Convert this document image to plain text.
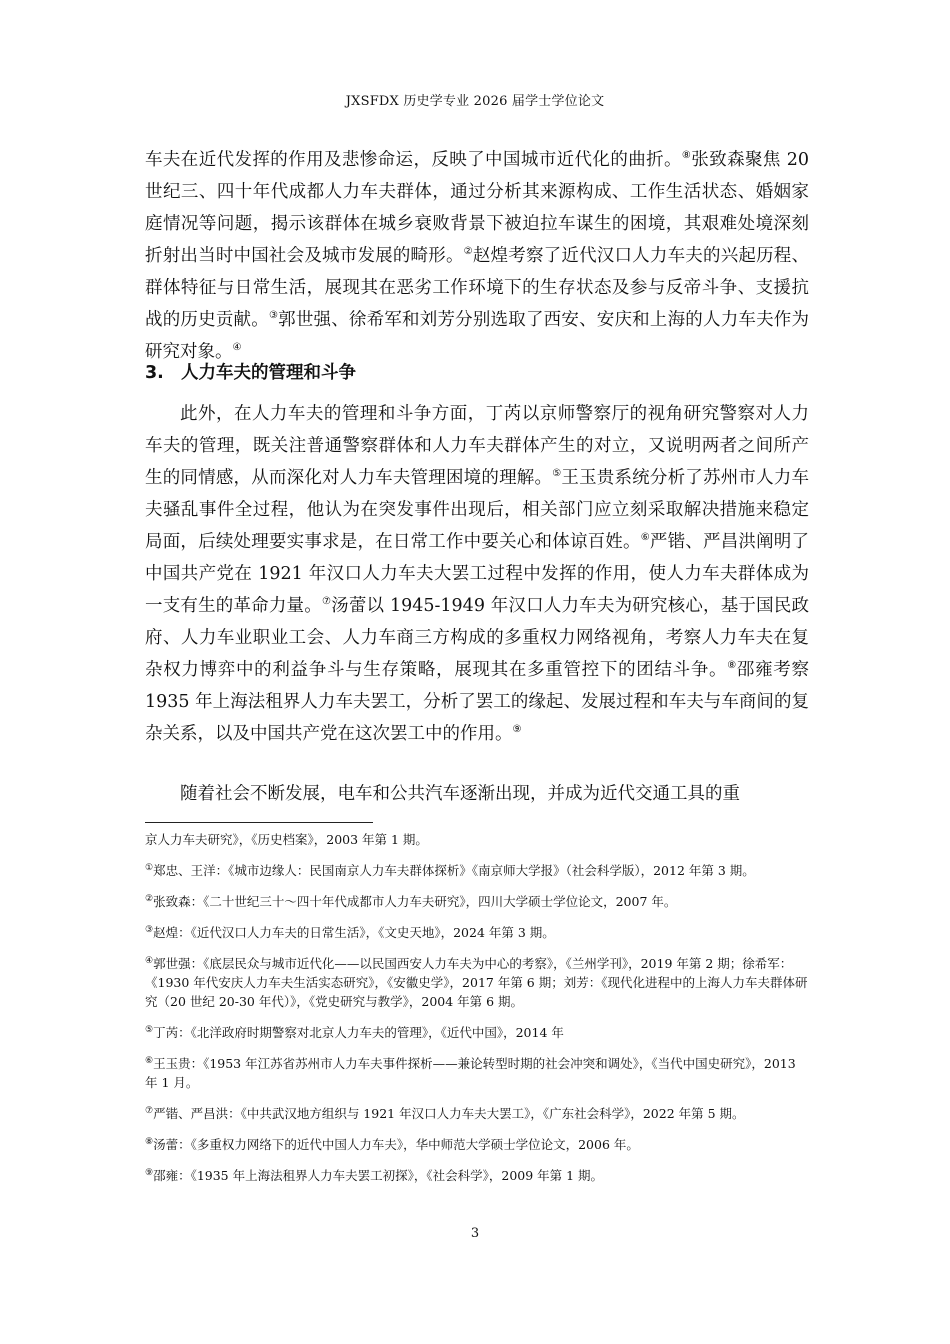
JXSFDX 历史学专业 2026 届学士学位论文

车夫在近代发挥的作用及悲惨命运，反映了中国城市近代化的曲折。⑧张致森聚焦 20 世纪三、四十年代成都人力车夫群体，通过分析其来源构成、工作生活状态、婚姻家庭情况等问题，揭示该群体在城乡衰败背景下被迫拉车谋生的困境，其艰难处境深刻折射出当时中国社会及城市发展的畸形。②赵煌考察了近代汉口人力车夫的兴起历程、群体特征与日常生活，展现其在恶劣工作环境下的生存状态及参与反帝斗争、支援抗战的历史贡献。③郭世强、徐希军和刘芳分别选取了西安、安庆和上海的人力车夫作为研究对象。④

3. 人力车夫的管理和斗争

此外，在人力车夫的管理和斗争方面，丁芮以京师警察厅的视角研究警察对人力车夫的管理，既关注普通警察群体和人力车夫群体产生的对立，又说明两者之间所产生的同情感，从而深化对人力车夫管理困境的理解。⑤王玉贵系统分析了苏州市人力车夫骚乱事件全过程，他认为在突发事件出现后，相关部门应立刻采取解决措施来稳定局面，后续处理要实事求是，在日常工作中要关心和体谅百姓。⑥严锴、严昌洪阐明了中国共产党在 1921 年汉口人力车夫大罢工过程中发挥的作用，使人力车夫群体成为一支有生的革命力量。⑦汤蕾以 1945-1949 年汉口人力车夫为研究核心，基于国民政府、人力车业职业工会、人力车商三方构成的多重权力网络视角，考察人力车夫在复杂权力博弈中的利益争斗与生存策略，展现其在多重管控下的团结斗争。⑧邵雍考察 1935 年上海法租界人力车夫罢工，分析了罢工的缘起、发展过程和车夫与车商间的复杂关系，以及中国共产党在这次罢工中的作用。⑨

随着社会不断发展，电车和公共汽车逐渐出现，并成为近代交通工具的重

京人力车夫研究》，《历史档案》，2003 年第 1 期。

①郑忠、王洋：《城市边缘人：民国南京人力车夫群体探析》《南京师大学报》（社会科学版），2012 年第 3 期。

②张致森：《二十世纪三十～四十年代成都市人力车夫研究》，四川大学硕士学位论文，2007 年。

③赵煌：《近代汉口人力车夫的日常生活》，《文史天地》，2024 年第 3 期。

④郭世强：《底层民众与城市近代化——以民国西安人力车夫为中心的考察》，《兰州学刊》，2019 年第 2 期；徐希军：《1930 年代安庆人力车夫生活实态研究》，《安徽史学》，2017 年第 6 期；刘芳：《现代化进程中的上海人力车夫群体研究（20 世纪 20-30 年代）》，《党史研究与教学》，2004 年第 6 期。

⑤丁芮：《北洋政府时期警察对北京人力车夫的管理》，《近代中国》，2014 年

⑥王玉贵：《1953 年江苏省苏州市人力车夫事件探析——兼论转型时期的社会冲突和调处》，《当代中国史研究》，2013 年 1 月。

⑦严锴、严昌洪：《中共武汉地方组织与 1921 年汉口人力车夫大罢工》，《广东社会科学》，2022 年第 5 期。

⑧汤蕾：《多重权力网络下的近代中国人力车夫》，华中师范大学硕士学位论文，2006 年。

⑨邵雍：《1935 年上海法租界人力车夫罢工初探》，《社会科学》，2009 年第 1 期。

3
